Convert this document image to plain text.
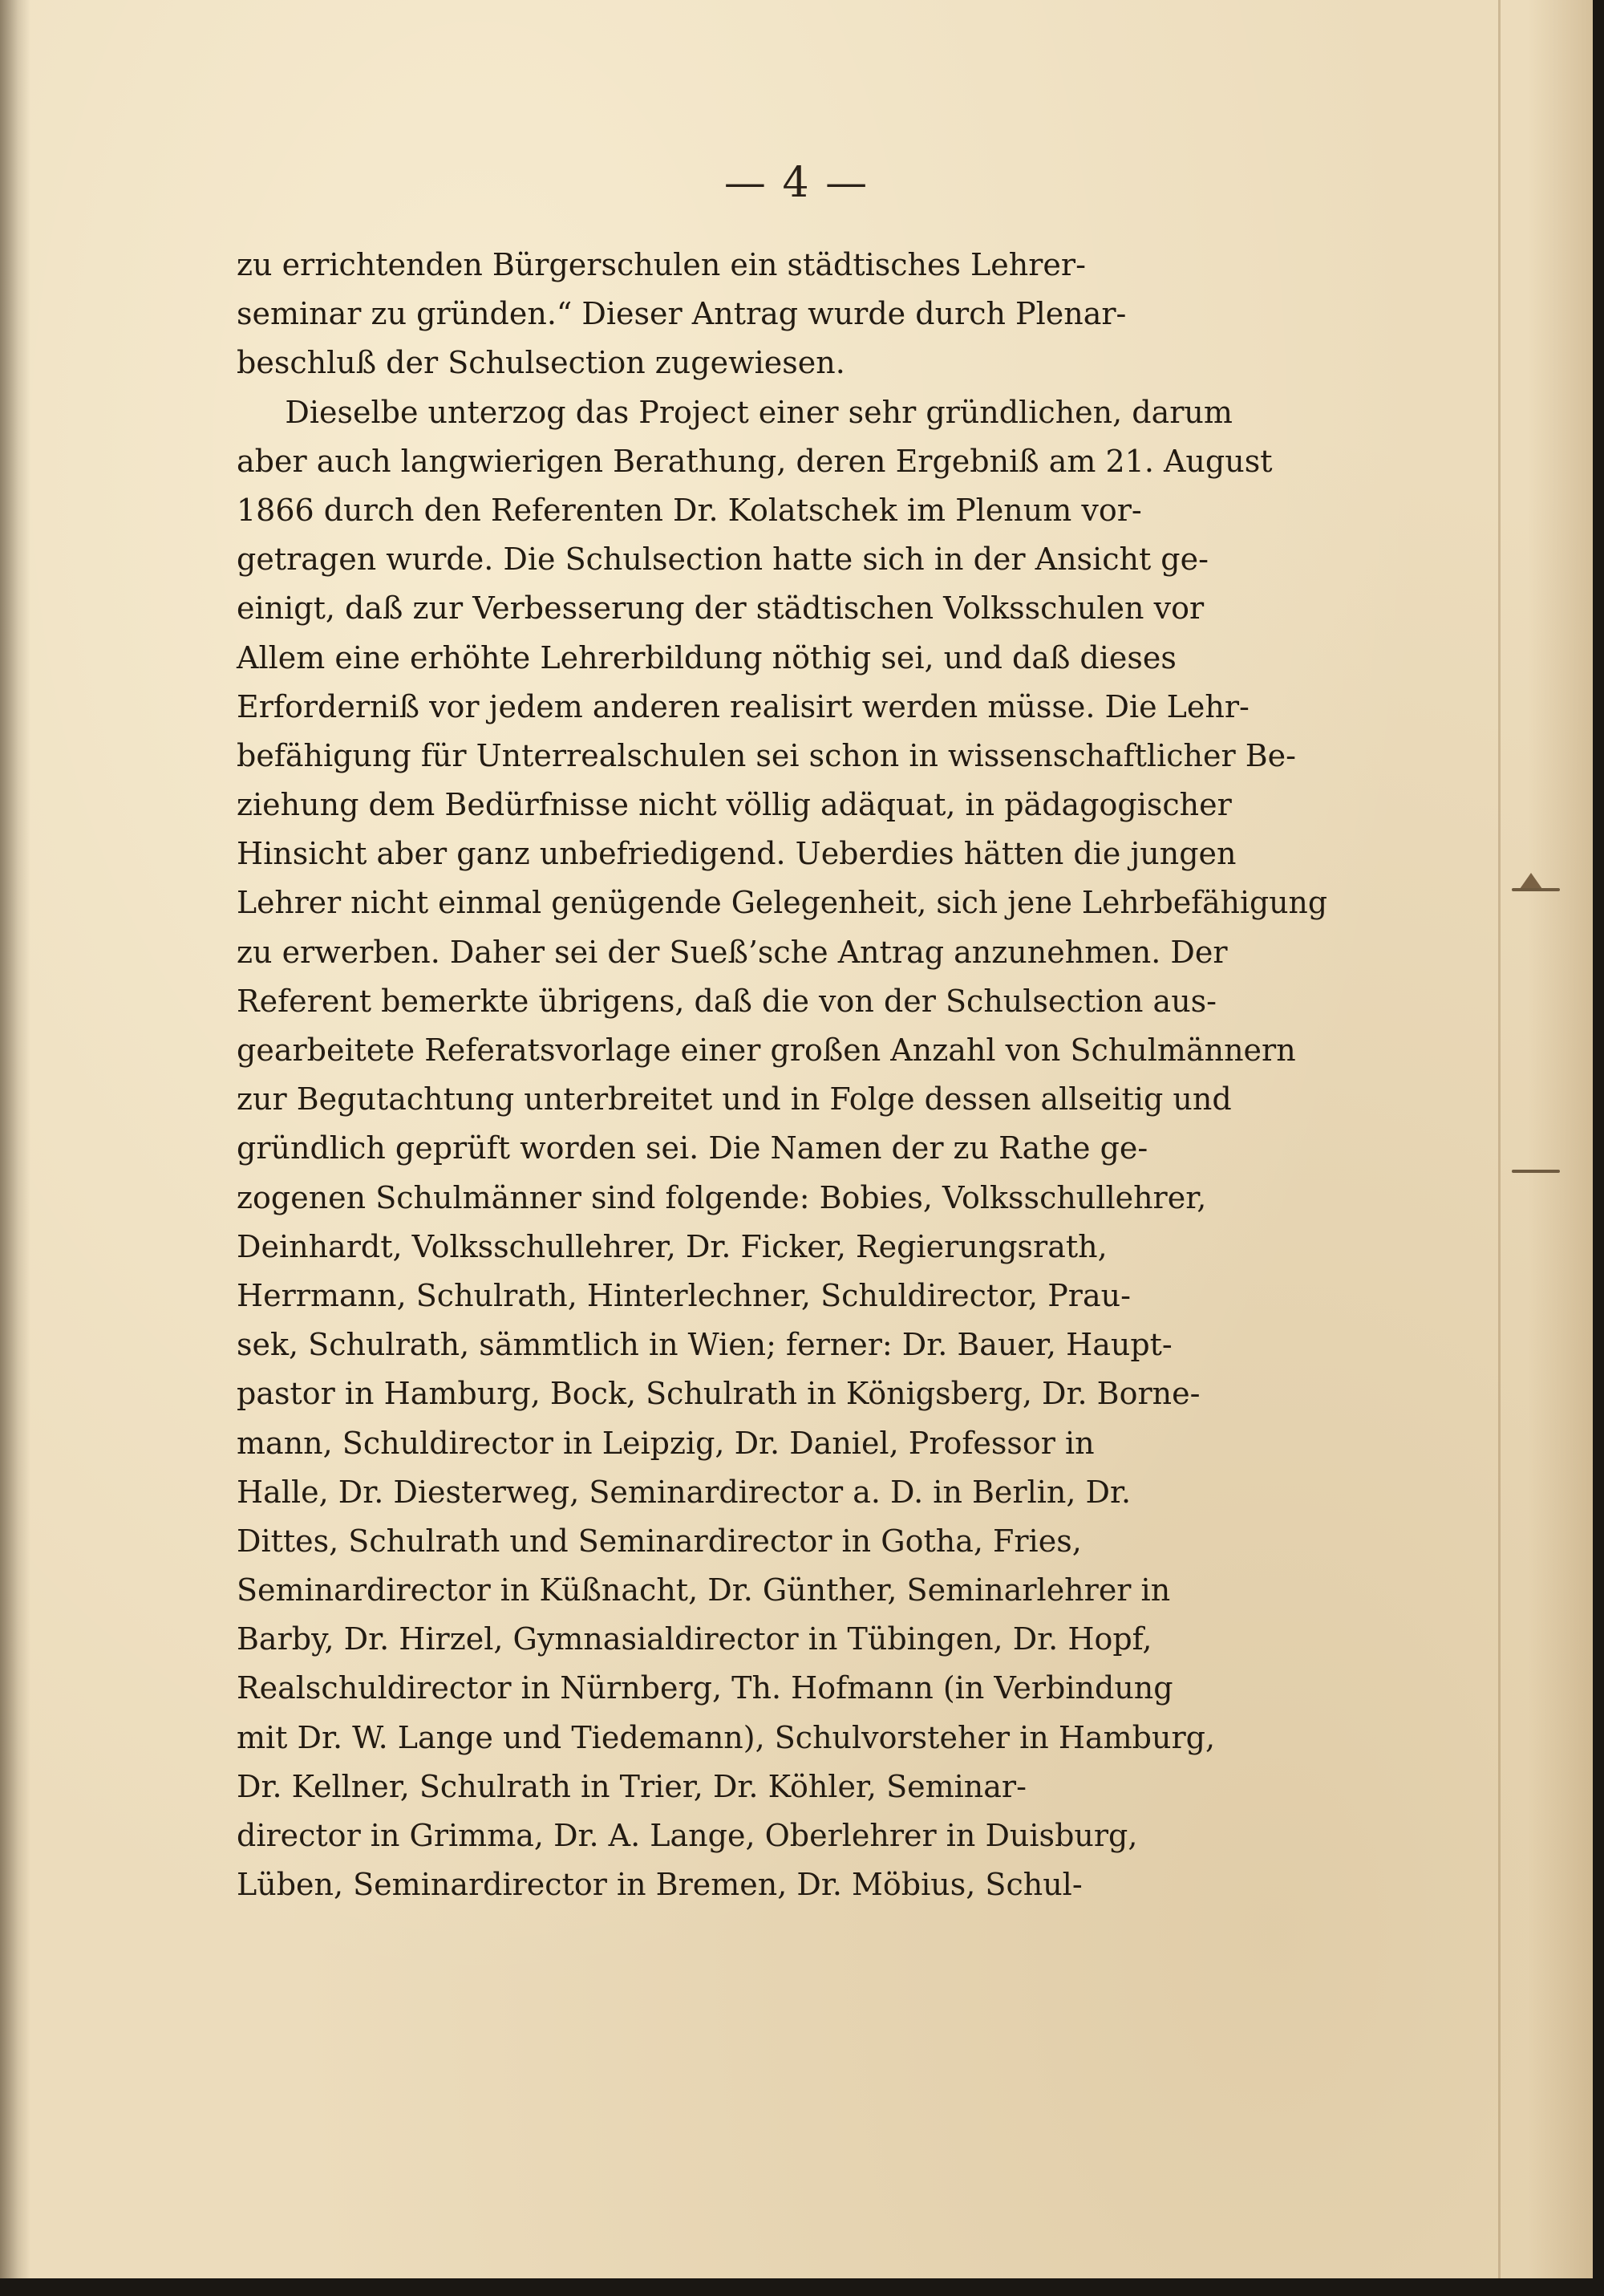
— 4 —
zu errichtenden Bürgerschulen ein städtisches Lehrer-
seminar zu gründen.“ Dieser Antrag wurde durch Plenar-
beschluß der Schulsection zugewiesen.
Dieselbe unterzog das Project einer sehr gründlichen, darum
aber auch langwierigen Berathung, deren Ergebniß am 21. August
1866 durch den Referenten Dr. Kolatschek im Plenum vor-
getragen wurde. Die Schulsection hatte sich in der Ansicht ge-
einigt, daß zur Verbesserung der städtischen Volksschulen vor
Allem eine erhöhte Lehrerbildung nöthig sei, und daß dieses
Erforderniß vor jedem anderen realisirt werden müsse. Die Lehr-
befähigung für Unterrealschulen sei schon in wissenschaftlicher Be-
ziehung dem Bedürfnisse nicht völlig adäquat, in pädagogischer
Hinsicht aber ganz unbefriedigend. Ueberdies hätten die jungen
Lehrer nicht einmal genügende Gelegenheit, sich jene Lehrbefähigung
zu erwerben. Daher sei der Sueß’sche Antrag anzunehmen. Der
Referent bemerkte übrigens, daß die von der Schulsection aus-
gearbeitete Referatsvorlage einer großen Anzahl von Schulmännern
zur Begutachtung unterbreitet und in Folge dessen allseitig und
gründlich geprüft worden sei. Die Namen der zu Rathe ge-
zogenen Schulmänner sind folgende: Bobies, Volksschullehrer,
Deinhardt, Volksschullehrer, Dr. Ficker, Regierungsrath,
Herrmann, Schulrath, Hinterlechner, Schuldirector, Prau-
sek, Schulrath, sämmtlich in Wien; ferner: Dr. Bauer, Haupt-
pastor in Hamburg, Bock, Schulrath in Königsberg, Dr. Borne-
mann, Schuldirector in Leipzig, Dr. Daniel, Professor in
Halle, Dr. Diesterweg, Seminardirector a. D. in Berlin, Dr.
Dittes, Schulrath und Seminardirector in Gotha, Fries,
Seminardirector in Küßnacht, Dr. Günther, Seminarlehrer in
Barby, Dr. Hirzel, Gymnasialdirector in Tübingen, Dr. Hopf,
Realschuldirector in Nürnberg, Th. Hofmann (in Verbindung
mit Dr. W. Lange und Tiedemann), Schulvorsteher in Hamburg,
Dr. Kellner, Schulrath in Trier, Dr. Köhler, Seminar-
director in Grimma, Dr. A. Lange, Oberlehrer in Duisburg,
Lüben, Seminardirector in Bremen, Dr. Möbius, Schul-
